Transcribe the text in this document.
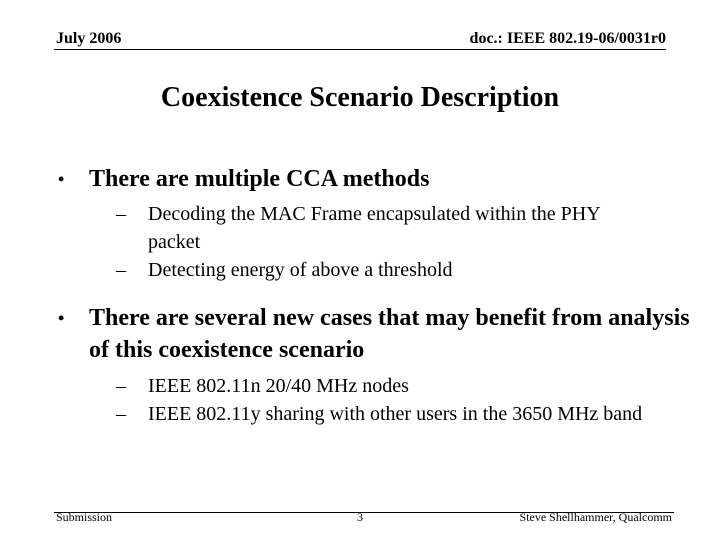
July 2006	doc.: IEEE 802.19-06/0031r0
Coexistence Scenario Description
• There are multiple CCA methods
– Decoding the MAC Frame encapsulated within the PHY packet
– Detecting energy of above a threshold
• There are several new cases that may benefit from analysis of this coexistence scenario
– IEEE 802.11n 20/40 MHz nodes
– IEEE 802.11y sharing with other users in the 3650 MHz band
Submission	3	Steve Shellhammer, Qualcomm
